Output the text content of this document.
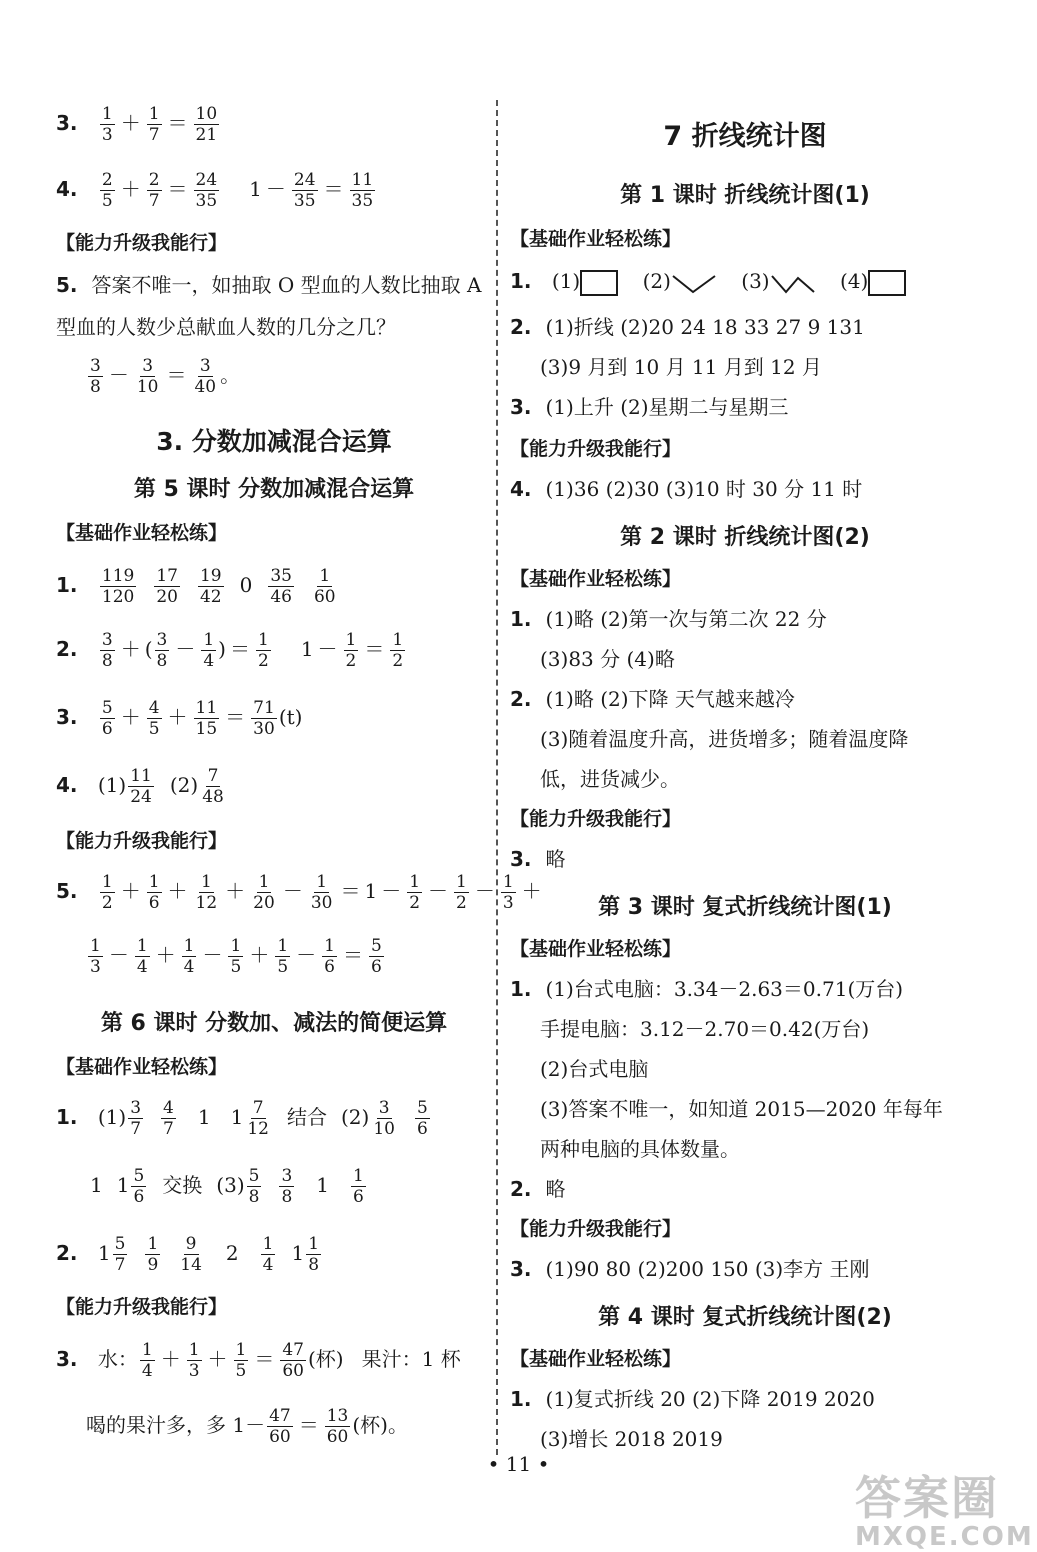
3. $\frac{1}{3} + \frac{1}{7} = \frac{10}{21}$
4. $\frac{2}{5} + \frac{2}{7} = \frac{24}{35} 1 - \frac{24}{35} = \frac{11}{35}$
【能力升级我能行】
5. 答案不唯一，如抽取 O 型血的人数比抽取 A
型血的人数少总献血人数的几分之几？
$\frac{3}{8} - \frac{3}{10} = \frac{3}{40}$ 。
3. 分数加减混合运算
第 5 课时 分数加减混合运算
【基础作业轻松练】
1. $\frac{119}{120} \frac{17}{20} \frac{19}{42} 0 \frac{35}{46} \frac{1}{60}$
2. $\frac{3}{8}$ ＋ ( $\frac{3}{8} - \frac{1}{4}$ ) ＝ $\frac{1}{2} 1 - \frac{1}{2} = \frac{1}{2}$
3. $\frac{5}{6} + \frac{4}{5} + \frac{11}{15} = \frac{71}{30} (t)$
4. $(1) \frac{11}{24} (2) \frac{7}{48}$
【能力升级我能行】
5. $\frac{1}{2} + \frac{1}{6} + \frac{1}{12} + \frac{1}{20} - \frac{1}{30} = 1 - \frac{1}{2} - \frac{1}{2} - \frac{1}{3}$ ＋
$\frac{1}{3} - \frac{1}{4} + \frac{1}{4} - \frac{1}{5} + \frac{1}{5} - \frac{1}{6} = \frac{5}{6}$
第 6 课时 分数加、减法的简便运算
【基础作业轻松练】
1. $(1) \frac{3}{7} \frac{4}{7} 1$ $1 \frac{7}{12}$ 结合 $(2) \frac{3}{10} \frac{5}{6}$
1 $1 \frac{5}{6}$ 交换 $(3) \frac{5}{8} \frac{3}{8} 1 \frac{1}{6}$
2. $1 \frac{5}{7} \frac{1}{9} \frac{9}{14} 2 \frac{1}{4} 1 \frac{1}{8}$
【能力升级我能行】
3. 水： $\frac{1}{4} + \frac{1}{3} + \frac{1}{5} = \frac{47}{60}$ (杯) 果汁：1 杯
喝的果汁多，多 $1- \frac{47}{60} = \frac{13}{60}$ (杯)。
7 折线统计图
第 1 课时 折线统计图(1)
【基础作业轻松练】
1. (1)	(2)	(3)	(4)
2. (1)折线 (2)20 24 18 33 27 9 131
(3)9 月到 10 月 11 月到 12 月
3. (1)上升 (2)星期二与星期三
【能力升级我能行】
4. (1)36 (2)30 (3)10 时 30 分 11 时
第 2 课时 折线统计图(2)
【基础作业轻松练】
1. (1)略 (2)第一次与第二次 22 分
(3)83 分 (4)略
2. (1)略 (2)下降 天气越来越冷
(3)随着温度升高，进货增多；随着温度降
低，进货减少。
【能力升级我能行】
3. 略
第 3 课时 复式折线统计图(1)
【基础作业轻松练】
1. (1)台式电脑：3.34－2.63＝0.71(万台)
手提电脑：3.12－2.70＝0.42(万台)
(2)台式电脑
(3)答案不唯一，如知道 2015—2020 年每年
两种电脑的具体数量。
2. 略
【能力升级我能行】
3. (1)90 80 (2)200 150 (3)李方 王刚
第 4 课时 复式折线统计图(2)
【基础作业轻松练】
1. (1)复式折线 20 (2)下降 2019 2020
(3)增长 2018 2019
• 11 •
答案圈
MXQE.COM
